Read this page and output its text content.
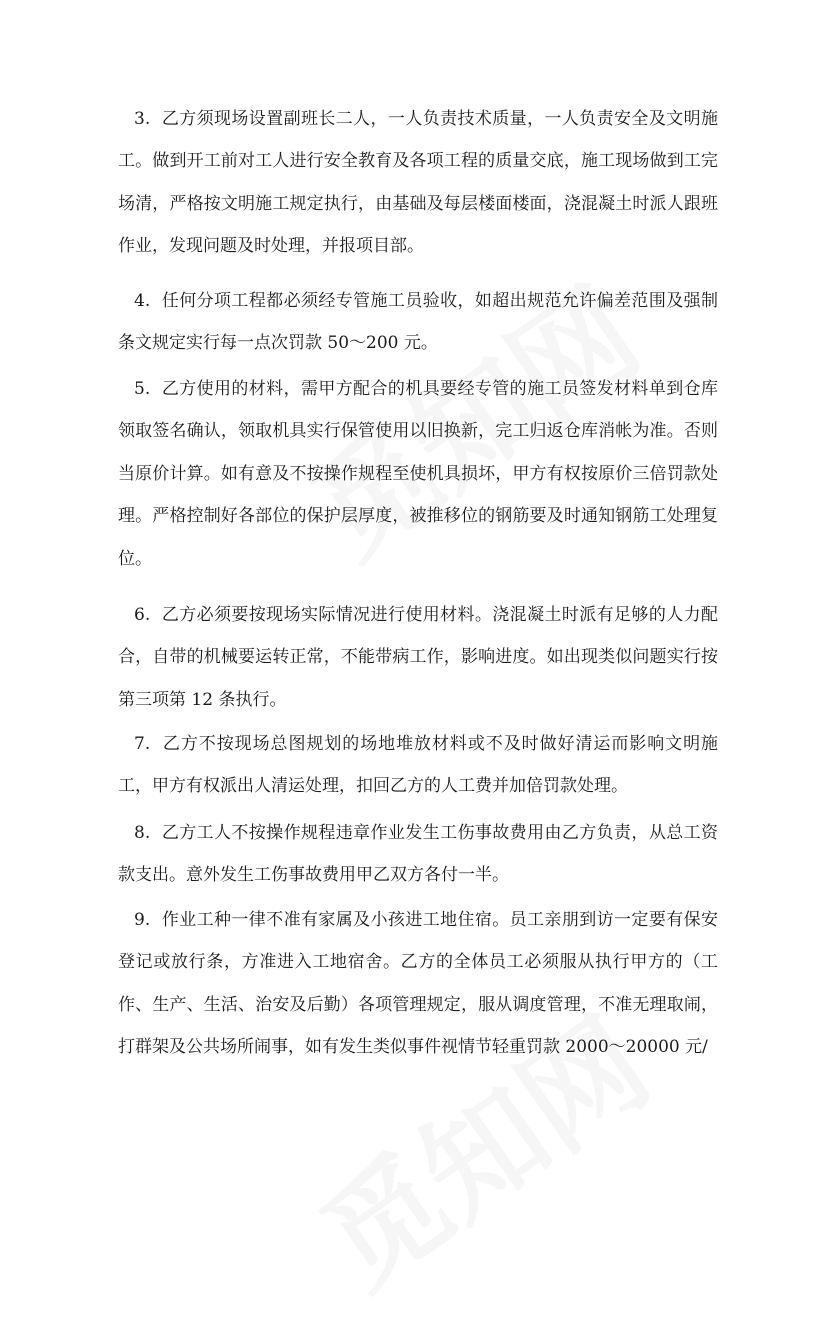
3. 乙方须现场设置副班长二人，一人负责技术质量，一人负责安全及文明施工。做到开工前对工人进行安全教育及各项工程的质量交底，施工现场做到工完场清，严格按文明施工规定执行，由基础及每层楼面楼面，浇混凝土时派人跟班作业，发现问题及时处理，并报项目部。

4. 任何分项工程都必须经专管施工员验收，如超出规范允许偏差范围及强制条文规定实行每一点次罚款 50～200 元。

5. 乙方使用的材料，需甲方配合的机具要经专管的施工员签发材料单到仓库领取签名确认，领取机具实行保管使用以旧换新，完工归返仓库消帐为准。否则当原价计算。如有意及不按操作规程至使机具损坏，甲方有权按原价三倍罚款处理。严格控制好各部位的保护层厚度，被推移位的钢筋要及时通知钢筋工处理复位。

6. 乙方必须要按现场实际情况进行使用材料。浇混凝土时派有足够的人力配合，自带的机械要运转正常，不能带病工作，影响进度。如出现类似问题实行按第三项第 12 条执行。

7. 乙方不按现场总图规划的场地堆放材料或不及时做好清运而影响文明施工，甲方有权派出人清运处理，扣回乙方的人工费并加倍罚款处理。

8. 乙方工人不按操作规程违章作业发生工伤事故费用由乙方负责，从总工资款支出。意外发生工伤事故费用甲乙双方各付一半。

9. 作业工种一律不准有家属及小孩进工地住宿。员工亲朋到访一定要有保安登记或放行条，方准进入工地宿舍。乙方的全体员工必须服从执行甲方的（工作、生产、生活、治安及后勤）各项管理规定，服从调度管理，不准无理取闹，打群架及公共场所闹事，如有发生类似事件视情节轻重罚款 2000～20000 元/
